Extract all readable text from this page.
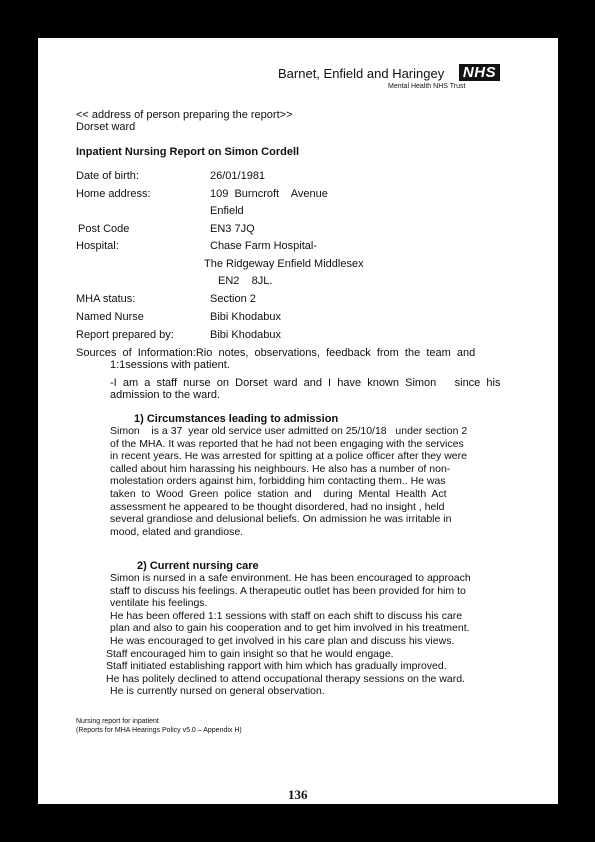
Barnet, Enfield and Haringey NHS
Mental Health NHS Trust
<< address of person preparing the report>>
Dorset ward
Inpatient Nursing Report on Simon Cordell
Date of birth:	26/01/1981
Home address:	109  Burncroft    Avenue
Enfield
Post Code	EN3 7JQ
Hospital:	Chase Farm Hospital-
The Ridgeway Enfield Middlesex
EN2    8JL.
MHA status:	Section 2
Named Nurse	Bibi Khodabux
Report prepared by:	Bibi Khodabux
Sources  of  Information:Rio  notes,  observations,  feedback  from  the  team  and
1:1sessions with patient.
-I  am  a  staff  nurse  on  Dorset  ward  and  I  have  known  Simon      since  his
admission to the ward.
1) Circumstances leading to admission
Simon    is a 37  year old service user admitted on 25/10/18   under section 2
of the MHA. It was reported that he had not been engaging with the services
in recent years. He was arrested for spitting at a police officer after they were
called about him harassing his neighbours. He also has a number of non-
molestation orders against him, forbidding him contacting them.. He was
taken  to  Wood  Green  police  station  and    during  Mental  Health  Act
assessment he appeared to be thought disordered, had no insight , held
several grandiose and delusional beliefs. On admission he was irritable in
mood, elated and grandiose.
2) Current nursing care
Simon is nursed in a safe environment. He has been encouraged to approach
staff to discuss his feelings. A therapeutic outlet has been provided for him to
ventilate his feelings.
He has been offered 1:1 sessions with staff on each shift to discuss his care
plan and also to gain his cooperation and to get him involved in his treatment.
He was encouraged to get involved in his care plan and discuss his views.
Staff encouraged him to gain insight so that he would engage.
Staff initiated establishing rapport with him which has gradually improved.
He has politely declined to attend occupational therapy sessions on the ward.
He is currently nursed on general observation.
Nursing report for inpatient
(Reports for MHA Hearings Policy v5.0 – Appendix H)
136
